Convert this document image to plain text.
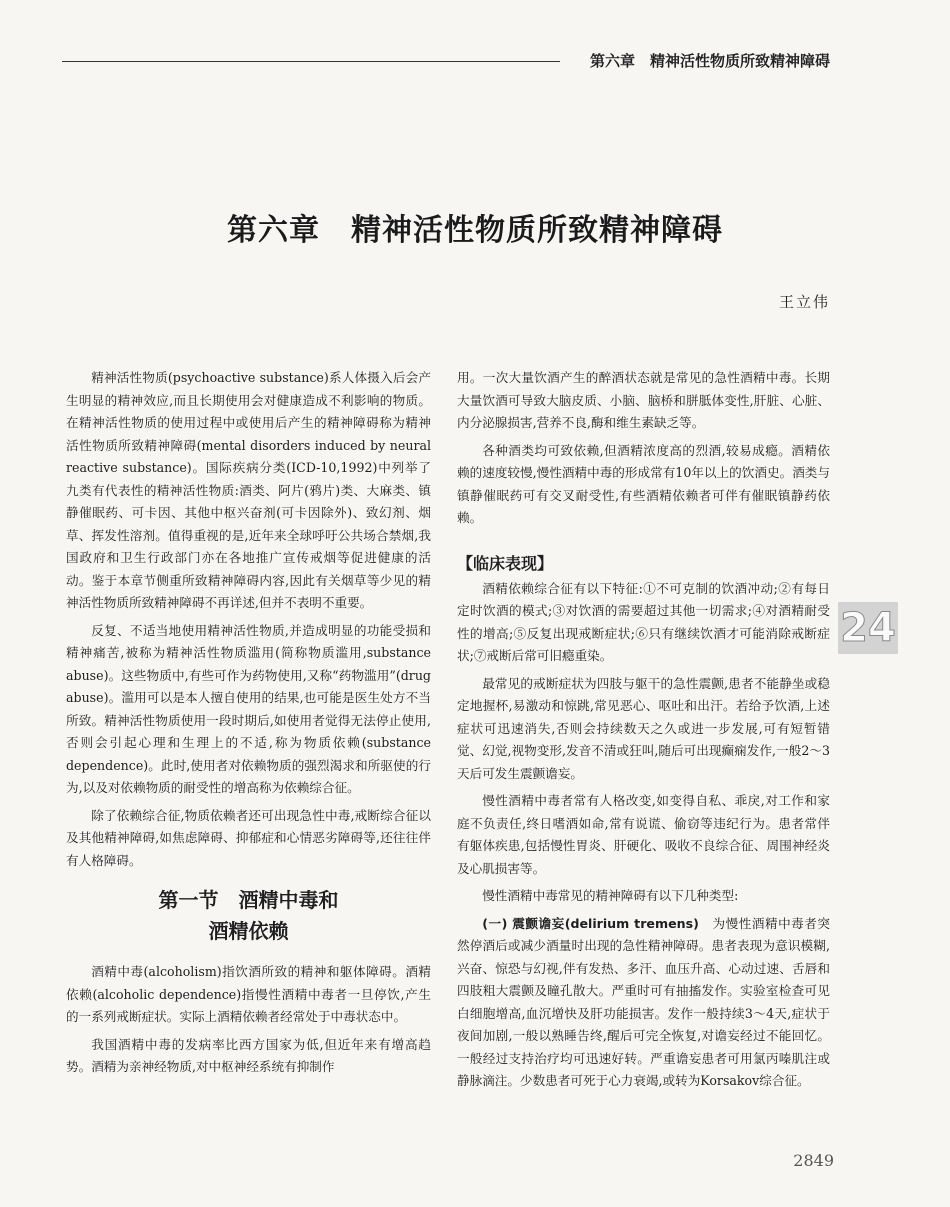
第六章　精神活性物质所致精神障碍
第六章　精神活性物质所致精神障碍
王立伟

精神活性物质(psychoactive substance)系人体摄入后会产生明显的精神效应,而且长期使用会对健康造成不利影响的物质。在精神活性物质的使用过程中或使用后产生的精神障碍称为精神活性物质所致精神障碍(mental disorders induced by neural reactive substance)。国际疾病分类(ICD-10,1992)中列举了九类有代表性的精神活性物质:酒类、阿片(鸦片)类、大麻类、镇静催眠药、可卡因、其他中枢兴奋剂(可卡因除外)、致幻剂、烟草、挥发性溶剂。值得重视的是,近年来全球呼吁公共场合禁烟,我国政府和卫生行政部门亦在各地推广宣传戒烟等促进健康的活动。鉴于本章节侧重所致精神障碍内容,因此有关烟草等少见的精神活性物质所致精神障碍不再详述,但并不表明不重要。

反复、不适当地使用精神活性物质,并造成明显的功能受损和精神痛苦,被称为精神活性物质滥用(简称物质滥用,substance abuse)。这些物质中,有些可作为药物使用,又称“药物滥用”(drug abuse)。滥用可以是本人擅自使用的结果,也可能是医生处方不当所致。精神活性物质使用一段时期后,如使用者觉得无法停止使用,否则会引起心理和生理上的不适,称为物质依赖(substance dependence)。此时,使用者对依赖物质的强烈渴求和所驱使的行为,以及对依赖物质的耐受性的增高称为依赖综合征。

除了依赖综合征,物质依赖者还可出现急性中毒,戒断综合征以及其他精神障碍,如焦虑障碍、抑郁症和心情恶劣障碍等,还往往伴有人格障碍。

第一节　酒精中毒和
酒精依赖

酒精中毒(alcoholism)指饮酒所致的精神和躯体障碍。酒精依赖(alcoholic dependence)指慢性酒精中毒者一旦停饮,产生的一系列戒断症状。实际上酒精依赖者经常处于中毒状态中。

我国酒精中毒的发病率比西方国家为低,但近年来有增高趋势。酒精为亲神经物质,对中枢神经系统有抑制作

用。一次大量饮酒产生的醉酒状态就是常见的急性酒精中毒。长期大量饮酒可导致大脑皮质、小脑、脑桥和胼胝体变性,肝脏、心脏、内分泌腺损害,营养不良,酶和维生素缺乏等。

各种酒类均可致依赖,但酒精浓度高的烈酒,较易成瘾。酒精依赖的速度较慢,慢性酒精中毒的形成常有10年以上的饮酒史。酒类与镇静催眠药可有交叉耐受性,有些酒精依赖者可伴有催眠镇静药依赖。

【临床表现】

酒精依赖综合征有以下特征:①不可克制的饮酒冲动;②有每日定时饮酒的模式;③对饮酒的需要超过其他一切需求;④对酒精耐受性的增高;⑤反复出现戒断症状;⑥只有继续饮酒才可能消除戒断症状;⑦戒断后常可旧瘾重染。

最常见的戒断症状为四肢与躯干的急性震颤,患者不能静坐或稳定地握杯,易激动和惊跳,常见恶心、呕吐和出汗。若给予饮酒,上述症状可迅速消失,否则会持续数天之久或进一步发展,可有短暂错觉、幻觉,视物变形,发音不清或狂叫,随后可出现癫痫发作,一般2～3天后可发生震颤谵妄。

慢性酒精中毒者常有人格改变,如变得自私、乖戾,对工作和家庭不负责任,终日嗜酒如命,常有说谎、偷窃等违纪行为。患者常伴有躯体疾患,包括慢性胃炎、肝硬化、吸收不良综合征、周围神经炎及心肌损害等。

慢性酒精中毒常见的精神障碍有以下几种类型:

(一) 震颤谵妄(delirium tremens)　 为慢性酒精中毒者突然停酒后或减少酒量时出现的急性精神障碍。患者表现为意识模糊,兴奋、惊恐与幻视,伴有发热、多汗、血压升高、心动过速、舌唇和四肢粗大震颤及瞳孔散大。严重时可有抽搐发作。实验室检查可见白细胞增高,血沉增快及肝功能损害。发作一般持续3～4天,症状于夜间加剧,一般以熟睡告终,醒后可完全恢复,对谵妄经过不能回忆。一般经过支持治疗均可迅速好转。严重谵妄患者可用氯丙嗪肌注或静脉滴注。少数患者可死于心力衰竭,或转为Korsakov综合征。

24
2849
